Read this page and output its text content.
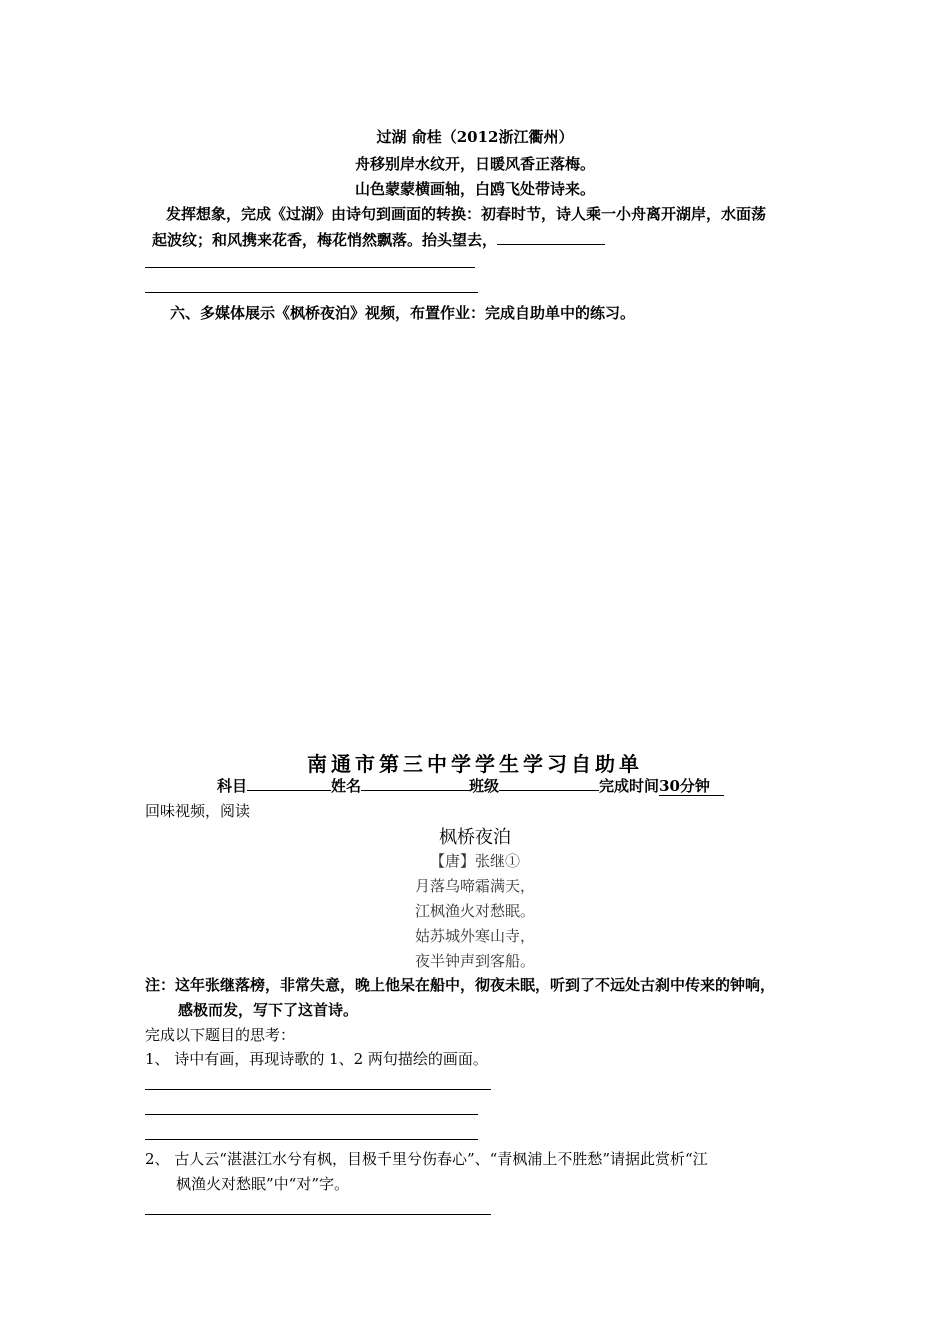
过湖 俞桂（2012浙江衢州）
舟移别岸水纹开，日暖风香正落梅。
山色蒙蒙横画轴，白鸥飞处带诗来。
发挥想象，完成《过湖》由诗句到画面的转换：初春时节，诗人乘一小舟离开湖岸，水面荡
起波纹；和风携来花香，梅花悄然飘落。抬头望去，
六、多媒体展示《枫桥夜泊》视频，布置作业：完成自助单中的练习。
南通市第三中学学生学习自助单
科目	姓名	班级	完成时间30分钟
回味视频，阅读
枫桥夜泊
【唐】张继①
月落乌啼霜满天，
江枫渔火对愁眠。
姑苏城外寒山寺，
夜半钟声到客船。
注：这年张继落榜，非常失意，晚上他呆在船中，彻夜未眠，听到了不远处古刹中传来的钟响，
感极而发，写下了这首诗。
完成以下题目的思考：
1、 诗中有画，再现诗歌的 1、2 两句描绘的画面。
2、 古人云“湛湛江水兮有枫，目极千里兮伤春心”、“青枫浦上不胜愁”请据此赏析“江
枫渔火对愁眠”中“对”字。
